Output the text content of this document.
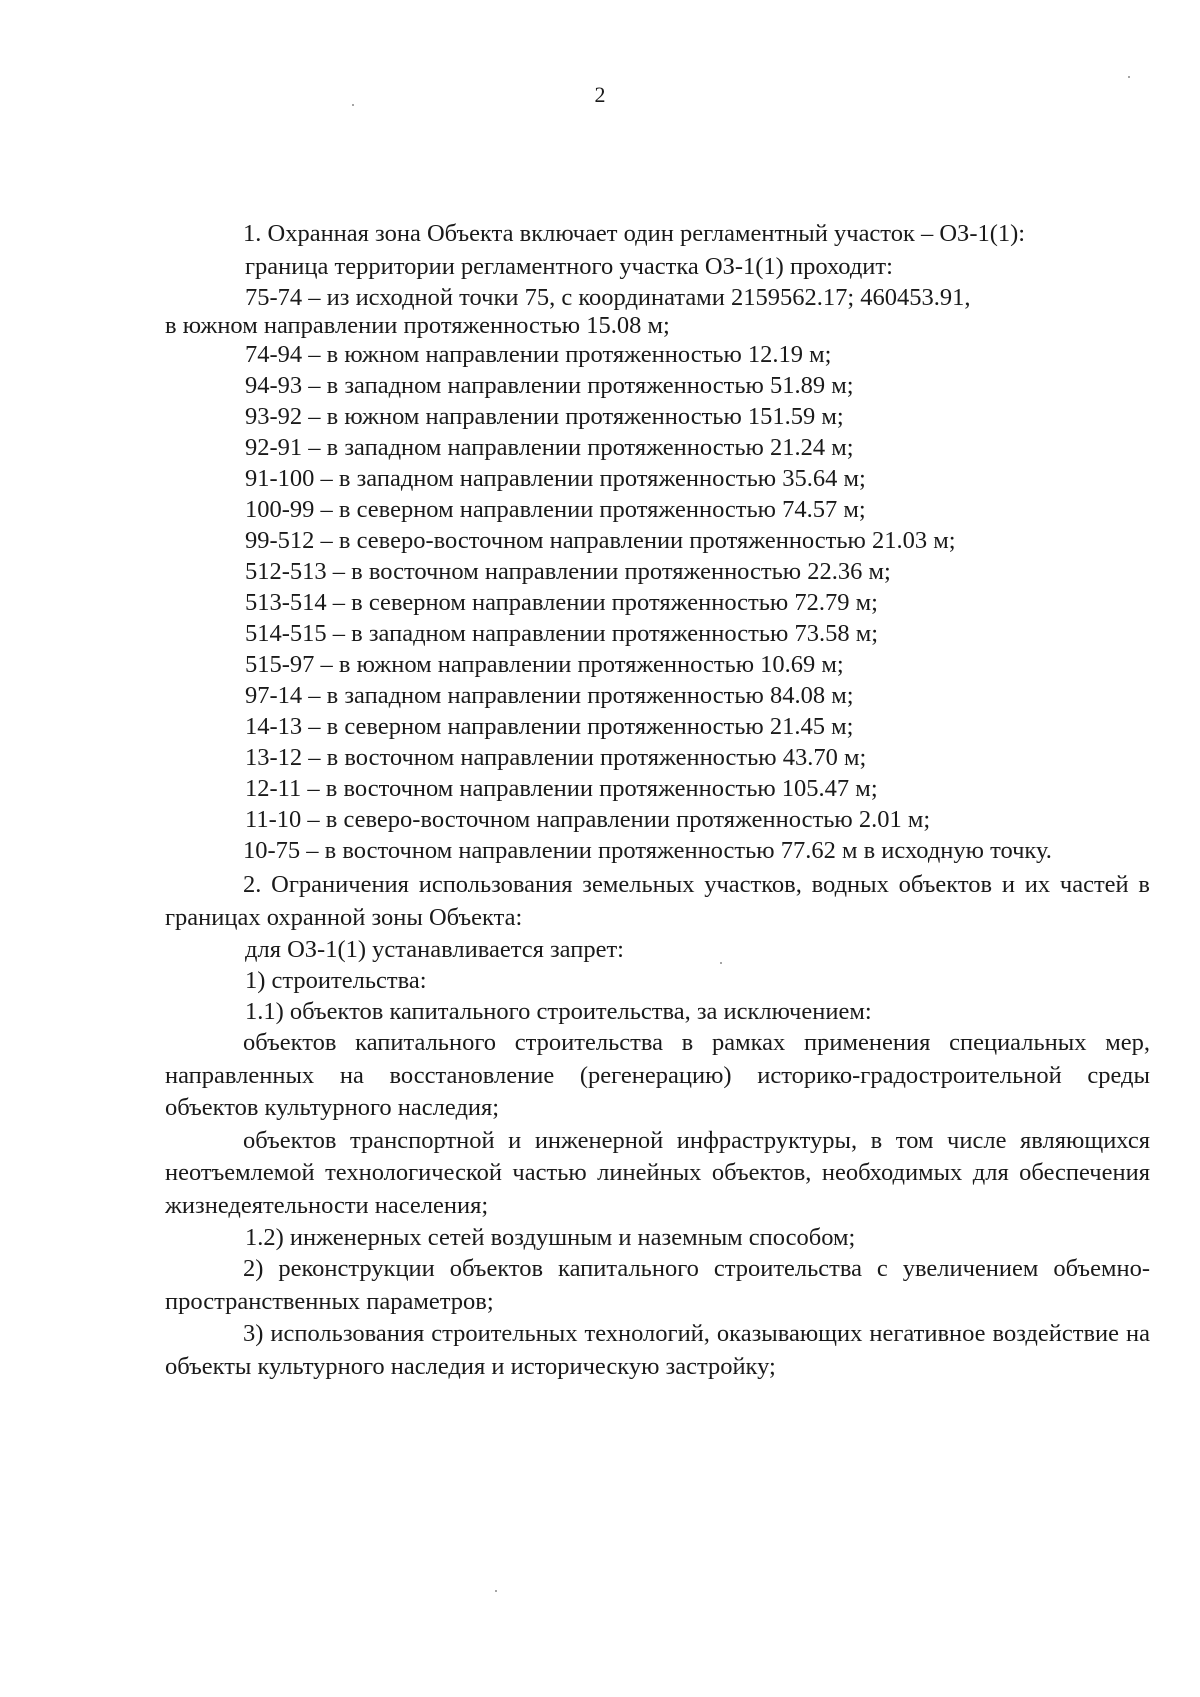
2

1. Охранная зона Объекта включает один регламентный участок – ОЗ-1(1):

граница территории регламентного участка ОЗ-1(1) проходит:

75-74 – из исходной точки 75, с координатами 2159562.17; 460453.91,

в южном направлении протяженностью 15.08 м;

74-94 – в южном направлении протяженностью 12.19 м;

94-93 – в западном направлении протяженностью 51.89 м;

93-92 – в южном направлении протяженностью 151.59 м;

92-91 – в западном направлении протяженностью 21.24 м;

91-100 – в западном направлении протяженностью 35.64 м;

100-99 – в северном направлении протяженностью 74.57 м;

99-512 – в северо-восточном направлении протяженностью 21.03 м;

512-513 – в восточном направлении протяженностью 22.36 м;

513-514 – в северном направлении протяженностью 72.79 м;

514-515 – в западном направлении протяженностью 73.58 м;

515-97 – в южном направлении протяженностью 10.69 м;

97-14 – в западном направлении протяженностью 84.08 м;

14-13 – в северном направлении протяженностью 21.45 м;

13-12 – в восточном направлении протяженностью 43.70 м;

12-11 – в восточном направлении протяженностью 105.47 м;

11-10 – в северо-восточном направлении протяженностью 2.01 м;

10-75 – в восточном направлении протяженностью 77.62 м в исходную точку.

2. Ограничения использования земельных участков, водных объектов и их частей в границах охранной зоны Объекта:

для ОЗ-1(1) устанавливается запрет:

1) строительства:

1.1) объектов капитального строительства, за исключением:

объектов капитального строительства в рамках применения специальных мер, направленных на восстановление (регенерацию) историко-градостроительной среды объектов культурного наследия;

объектов транспортной и инженерной инфраструктуры, в том числе являющихся неотъемлемой технологической частью линейных объектов, необходимых для обеспечения жизнедеятельности населения;

1.2) инженерных сетей воздушным и наземным способом;

2) реконструкции объектов капитального строительства с увеличением объемно-пространственных параметров;

3) использования строительных технологий, оказывающих негативное воздействие на объекты культурного наследия и историческую застройку;
